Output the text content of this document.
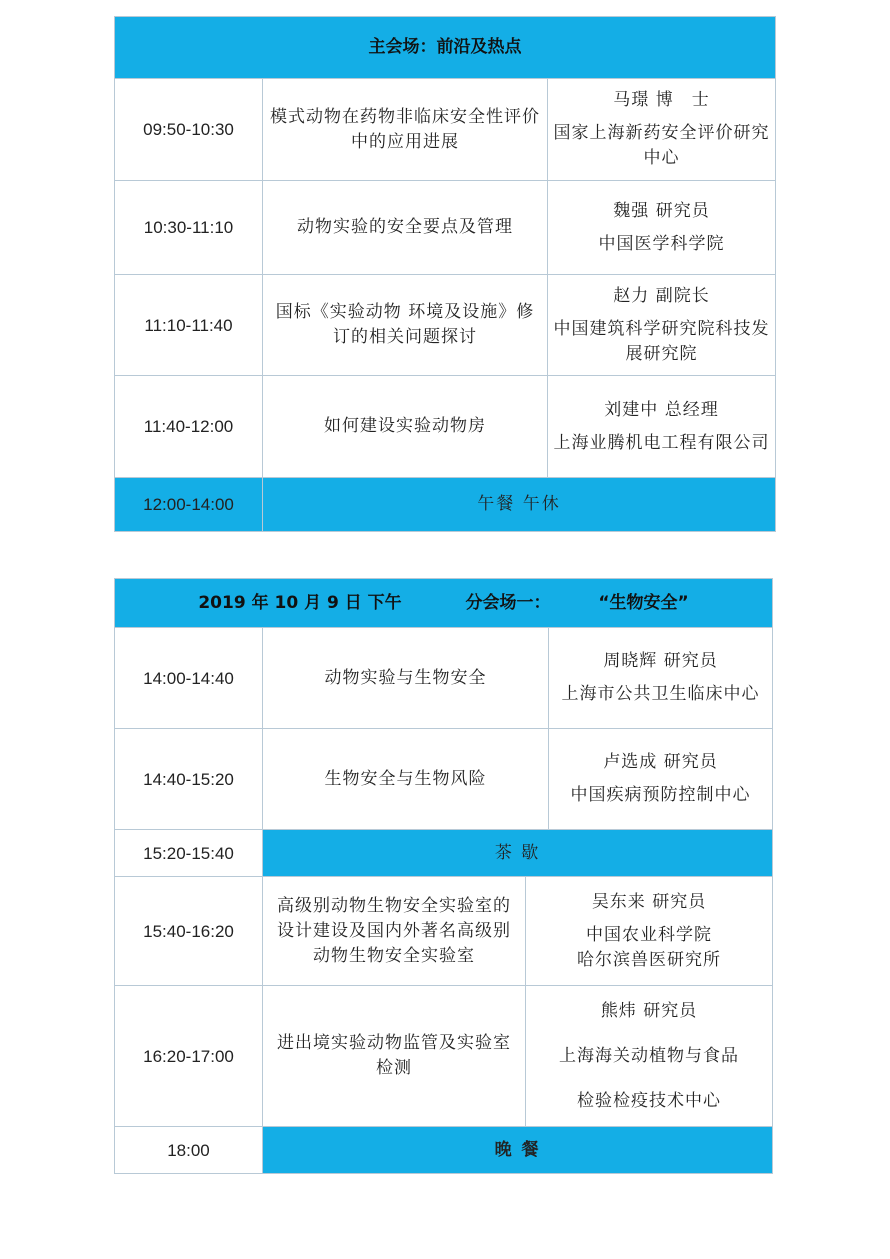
主会场：前沿及热点		
09:50-10:30	模式动物在药物非临床安全性评价中的应用进展	马璟 博　士
国家上海新药安全评价研究中心

10:30-11:10	动物实验的安全要点及管理	魏强 研究员
中国医学科学院

11:10-11:40	国标《实验动物 环境及设施》修订的相关问题探讨	赵力 副院长
中国建筑科学研究院科技发展研究院

11:40-12:00	如何建设实验动物房	刘建中 总经理
上海业腾机电工程有限公司

12:00-14:00	午餐 午休	
2019 年 10 月 9 日 下午 分会场一： “生物安全”			
14:00-14:40	动物实验与生物安全		周晓辉 研究员
上海市公共卫生临床中心

14:40-15:20	生物安全与生物风险		卢选成 研究员
中国疾病预防控制中心

15:20-15:40	茶 歇		
15:40-16:20	高级别动物生物安全实验室的设计建设及国内外著名高级别动物生物安全实验室	吴东来 研究员
中国农业科学院
哈尔滨兽医研究所	

16:20-17:00	进出境实验动物监管及实验室检测	熊炜 研究员
上海海关动植物与食品
检验检疫技术中心	

18:00	晚 餐		
